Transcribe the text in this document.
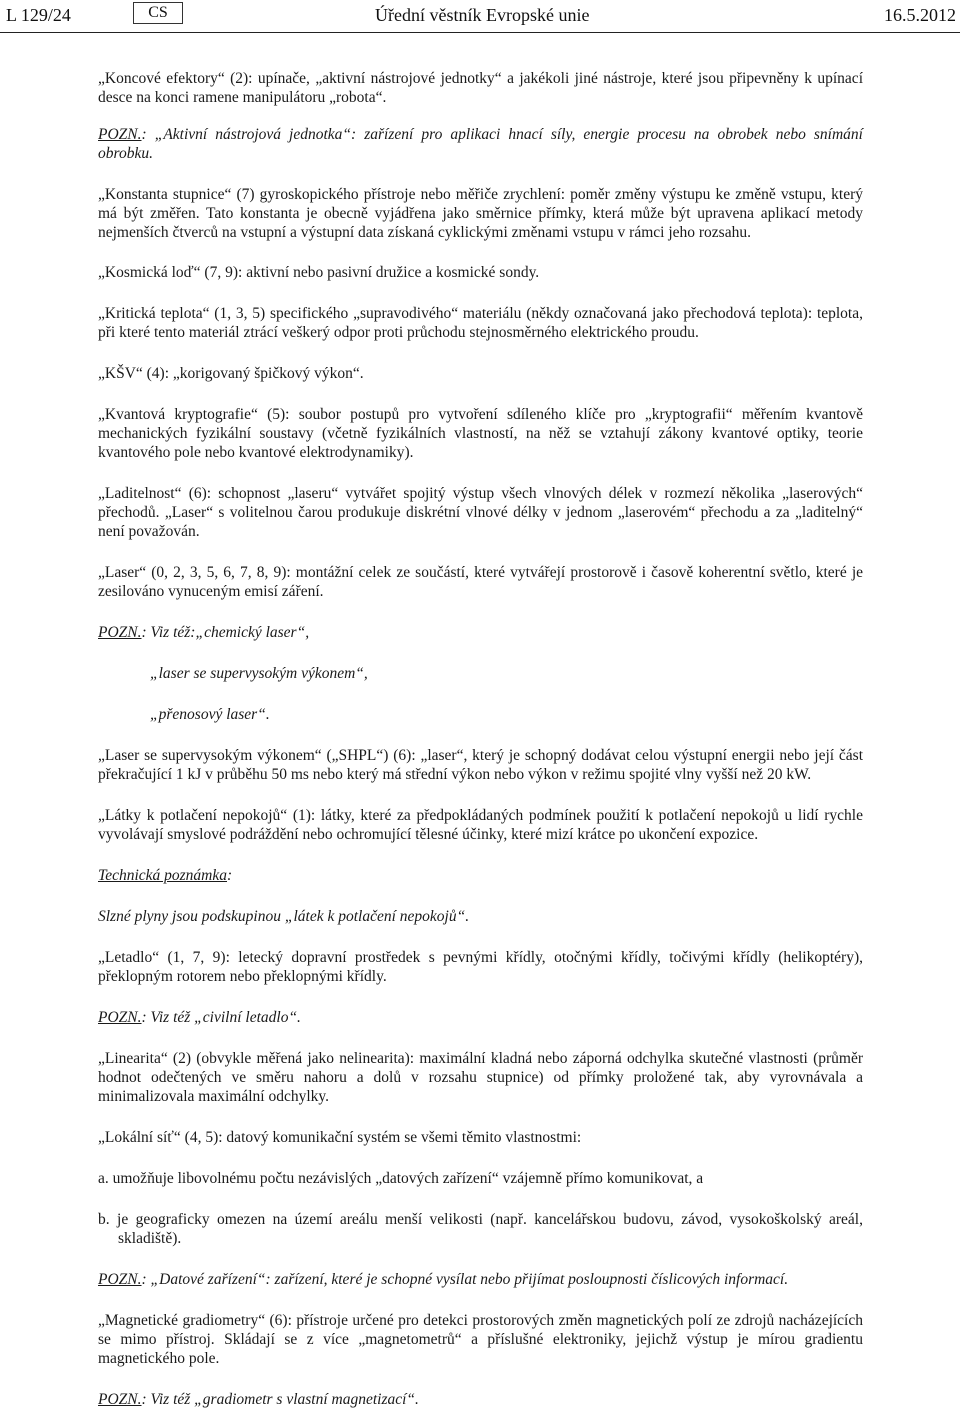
L 129/24	CS	Úřední věstník Evropské unie	16.5.2012

„Koncové efektory“ (2): upínače, „aktivní nástrojové jednotky“ a jakékoli jiné nástroje, které jsou připevněny k upínací desce na konci ramene manipulátoru „robota“.

POZN.: „Aktivní nástrojová jednotka“: zařízení pro aplikaci hnací síly, energie procesu na obrobek nebo snímání obrobku.

„Konstanta stupnice“ (7) gyroskopického přístroje nebo měřiče zrychlení: poměr změny výstupu ke změně vstupu, který má být změřen. Tato konstanta je obecně vyjádřena jako směrnice přímky, která může být upravena aplikací metody nejmenších čtverců na vstupní a výstupní data získaná cyklickými změnami vstupu v rámci jeho rozsahu.

„Kosmická loď“ (7, 9): aktivní nebo pasivní družice a kosmické sondy.

„Kritická teplota“ (1, 3, 5) specifického „supravodivého“ materiálu (někdy označovaná jako přechodová teplota): teplota, při které tento materiál ztrácí veškerý odpor proti průchodu stejnosměrného elektrického proudu.

„KŠV“ (4): „korigovaný špičkový výkon“.

„Kvantová kryptografie“ (5): soubor postupů pro vytvoření sdíleného klíče pro „kryptografii“ měřením kvantově mechanických fyzikální soustavy (včetně fyzikálních vlastností, na něž se vztahují zákony kvantové optiky, teorie kvantového pole nebo kvantové elektrodynamiky).

„Laditelnost“ (6): schopnost „laseru“ vytvářet spojitý výstup všech vlnových délek v rozmezí několika „laserových“ přechodů. „Laser“ s volitelnou čarou produkuje diskrétní vlnové délky v jednom „laserovém“ přechodu a za „laditelný“ není považován.

„Laser“ (0, 2, 3, 5, 6, 7, 8, 9): montážní celek ze součástí, které vytvářejí prostorově i časově koherentní světlo, které je zesilováno vynuceným emisí záření.

POZN.: Viz též:„chemický laser“,

„laser se supervysokým výkonem“,

„přenosový laser“.

„Laser se supervysokým výkonem“ („SHPL“) (6): „laser“, který je schopný dodávat celou výstupní energii nebo její část překračující 1 kJ v průběhu 50 ms nebo který má střední výkon nebo výkon v režimu spojité vlny vyšší než 20 kW.

„Látky k potlačení nepokojů“ (1): látky, které za předpokládaných podmínek použití k potlačení nepokojů u lidí rychle vyvolávají smyslové podráždění nebo ochromující tělesné účinky, které mizí krátce po ukončení expozice.

Technická poznámka:

Slzné plyny jsou podskupinou „látek k potlačení nepokojů“.

„Letadlo“ (1, 7, 9): letecký dopravní prostředek s pevnými křídly, otočnými křídly, točivými křídly (helikoptéry), překlopným rotorem nebo překlopnými křídly.

POZN.: Viz též „civilní letadlo“.

„Linearita“ (2) (obvykle měřená jako nelinearita): maximální kladná nebo záporná odchylka skutečné vlastnosti (průměr hodnot odečtených ve směru nahoru a dolů v rozsahu stupnice) od přímky proložené tak, aby vyrovnávala a minimalizovala maximální odchylky.

„Lokální síť“ (4, 5): datový komunikační systém se všemi těmito vlastnostmi:

a. umožňuje libovolnému počtu nezávislých „datových zařízení“ vzájemně přímo komunikovat, a

b. je geograficky omezen na území areálu menší velikosti (např. kancelářskou budovu, závod, vysokoškolský areál, skladiště).

POZN.: „Datové zařízení“: zařízení, které je schopné vysílat nebo přijímat posloupnosti číslicových informací.

„Magnetické gradiometry“ (6): přístroje určené pro detekci prostorových změn magnetických polí ze zdrojů nacházejících se mimo přístroj. Skládají se z více „magnetometrů“ a příslušné elektroniky, jejichž výstup je mírou gradientu magnetického pole.

POZN.: Viz též „gradiometr s vlastní magnetizací“.
